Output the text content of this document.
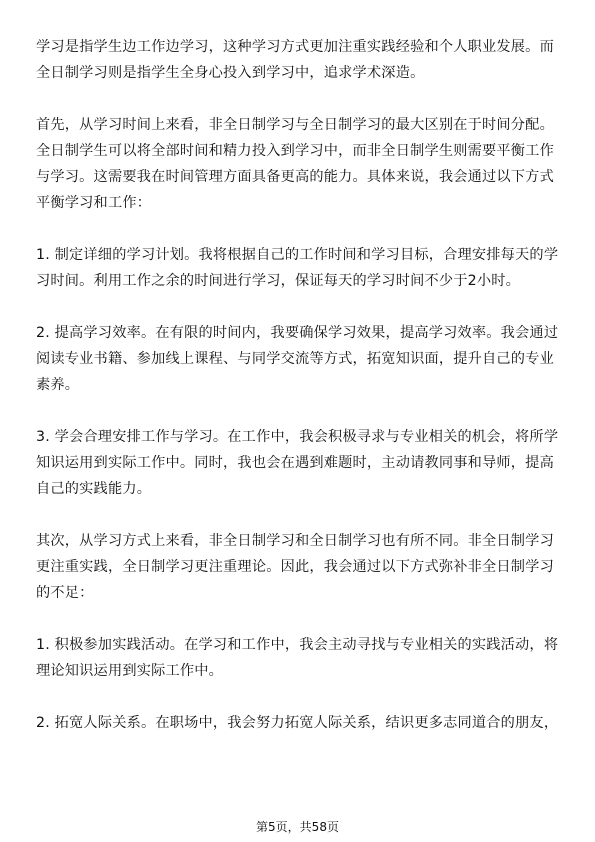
学习是指学生边工作边学习，这种学习方式更加注重实践经验和个人职业发展。而
全日制学习则是指学生全身心投入到学习中，追求学术深造。

首先，从学习时间上来看，非全日制学习与全日制学习的最大区别在于时间分配。
全日制学生可以将全部时间和精力投入到学习中，而非全日制学生则需要平衡工作
与学习。这需要我在时间管理方面具备更高的能力。具体来说，我会通过以下方式
平衡学习和工作：

1. 制定详细的学习计划。我将根据自己的工作时间和学习目标，合理安排每天的学
习时间。利用工作之余的时间进行学习，保证每天的学习时间不少于2小时。

2. 提高学习效率。在有限的时间内，我要确保学习效果，提高学习效率。我会通过
阅读专业书籍、参加线上课程、与同学交流等方式，拓宽知识面，提升自己的专业
素养。

3. 学会合理安排工作与学习。在工作中，我会积极寻求与专业相关的机会，将所学
知识运用到实际工作中。同时，我也会在遇到难题时，主动请教同事和导师，提高
自己的实践能力。

其次，从学习方式上来看，非全日制学习和全日制学习也有所不同。非全日制学习
更注重实践，全日制学习更注重理论。因此，我会通过以下方式弥补非全日制学习
的不足：

1. 积极参加实践活动。在学习和工作中，我会主动寻找与专业相关的实践活动，将
理论知识运用到实际工作中。

2. 拓宽人际关系。在职场中，我会努力拓宽人际关系，结识更多志同道合的朋友，

第5页，共58页
